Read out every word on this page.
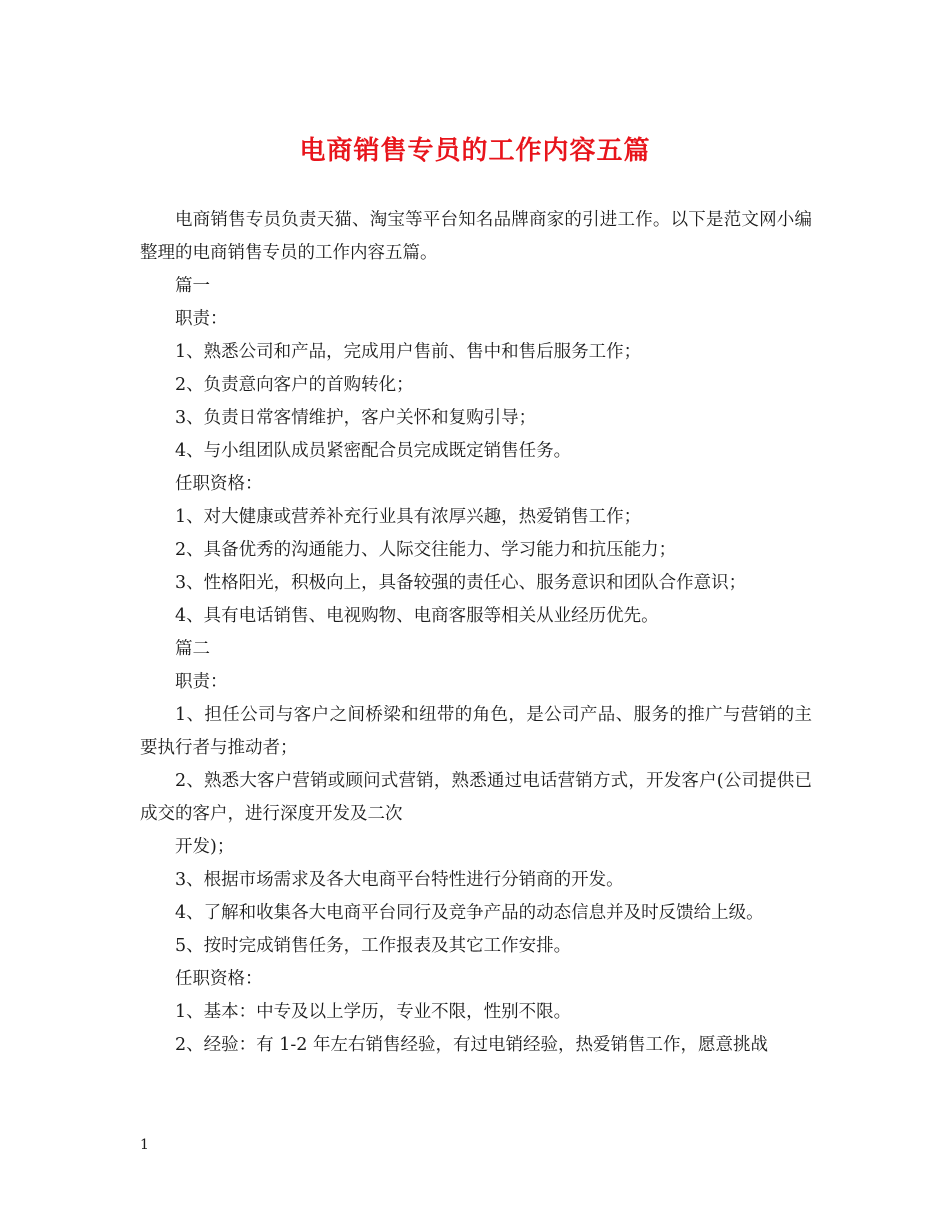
电商销售专员的工作内容五篇

电商销售专员负责天猫、淘宝等平台知名品牌商家的引进工作。以下是范文网小编整理的电商销售专员的工作内容五篇。

篇一

职责：

1、熟悉公司和产品，完成用户售前、售中和售后服务工作；

2、负责意向客户的首购转化；

3、负责日常客情维护，客户关怀和复购引导；

4、与小组团队成员紧密配合员完成既定销售任务。

任职资格：

1、对大健康或营养补充行业具有浓厚兴趣，热爱销售工作；

2、具备优秀的沟通能力、人际交往能力、学习能力和抗压能力；

3、性格阳光，积极向上，具备较强的责任心、服务意识和团队合作意识；

4、具有电话销售、电视购物、电商客服等相关从业经历优先。

篇二

职责：

1、担任公司与客户之间桥梁和纽带的角色，是公司产品、服务的推广与营销的主要执行者与推动者；

2、熟悉大客户营销或顾问式营销，熟悉通过电话营销方式，开发客户(公司提供已成交的客户，进行深度开发及二次

开发)；

3、根据市场需求及各大电商平台特性进行分销商的开发。

4、了解和收集各大电商平台同行及竞争产品的动态信息并及时反馈给上级。

5、按时完成销售任务，工作报表及其它工作安排。

任职资格：

1、基本：中专及以上学历，专业不限，性别不限。

2、经验：有 1-2 年左右销售经验，有过电销经验，热爱销售工作，愿意挑战

1
